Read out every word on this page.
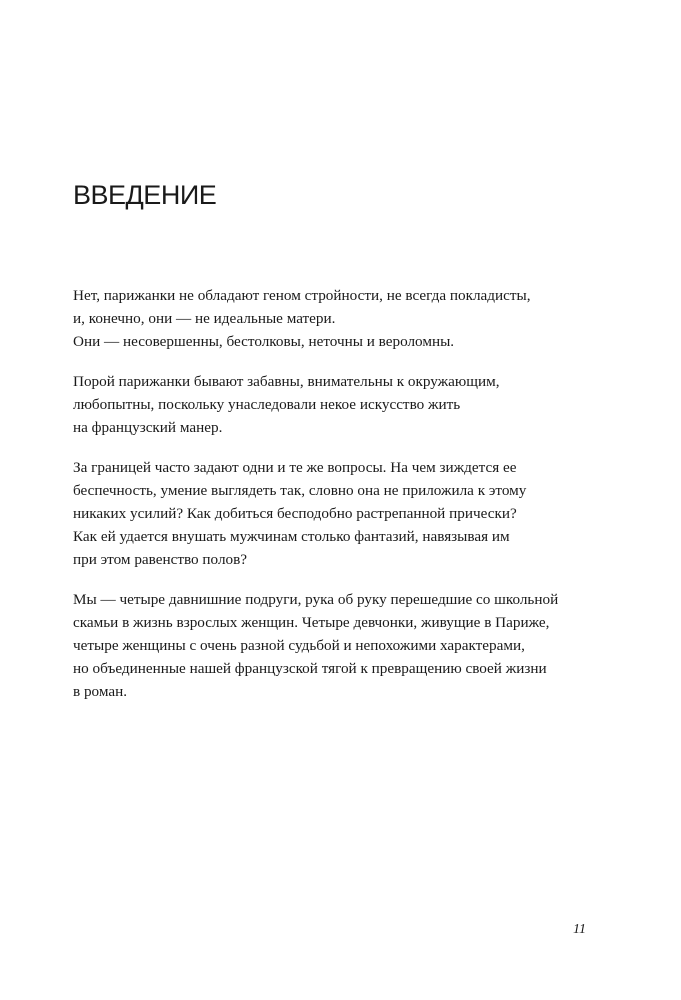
ВВЕДЕНИЕ

Нет, парижанки не обладают геном стройности, не всегда покладисты,
и, конечно, они — не идеальные матери.
Они — несовершенны, бестолковы, неточны и вероломны.

Порой парижанки бывают забавны, внимательны к окружающим,
любопытны, поскольку унаследовали некое искусство жить
на французский манер.

За границей часто задают одни и те же вопросы. На чем зиждется ее
беспечность, умение выглядеть так, словно она не приложила к этому
никаких усилий? Как добиться бесподобно растрепанной прически?
Как ей удается внушать мужчинам столько фантазий, навязывая им
при этом равенство полов?

Мы — четыре давнишние подруги, рука об руку перешедшие со школьной
скамьи в жизнь взрослых женщин. Четыре девчонки, живущие в Париже,
четыре женщины с очень разной судьбой и непохожими характерами,
но объединенные нашей французской тягой к превращению своей жизни
в роман.

11
